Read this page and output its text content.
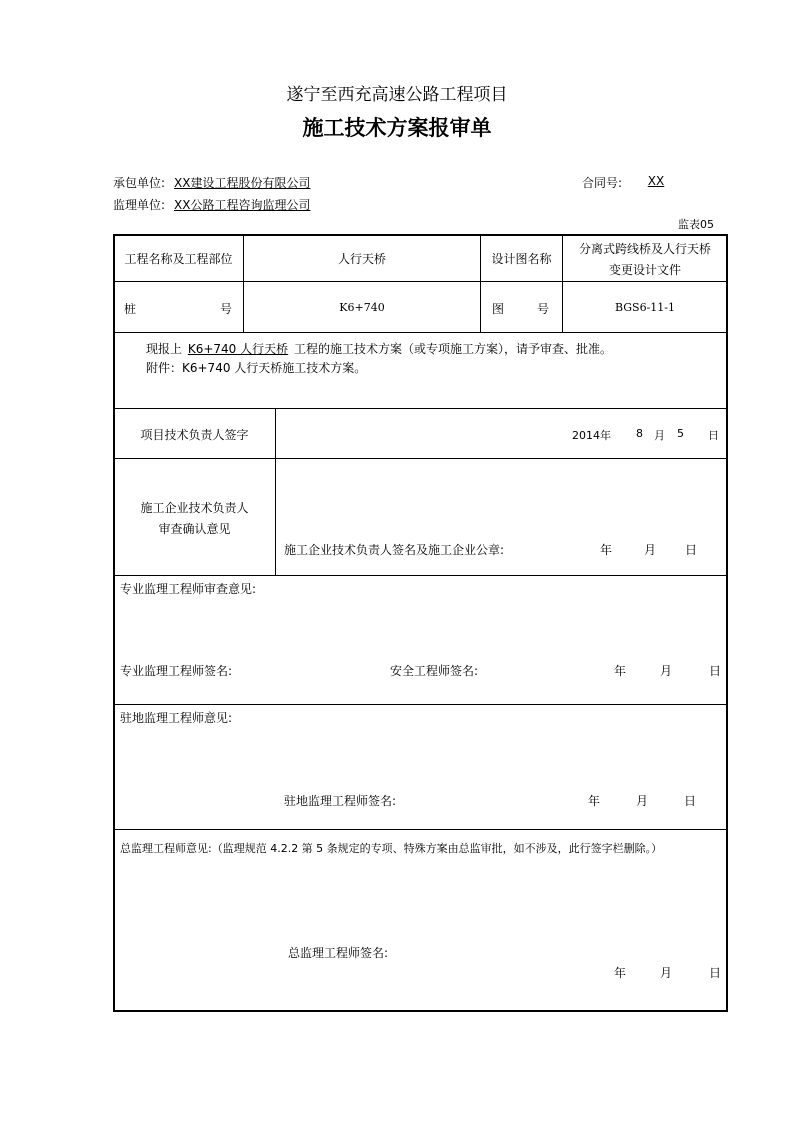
遂宁至西充高速公路工程项目
施工技术方案报审单
承包单位: XX建设工程股份有限公司	合同号:	XX
监理单位: XX公路工程咨询监理公司
监表05
工程名称及工程部位	人行天桥	设计图名称
分离式跨线桥及人行天桥
变更设计文件
桩	号	K6+740	图	号	BGS6-11-1
现报上 K6+740 人行天桥 工程的施工技术方案（或专项施工方案），请予审查、批准。
附件：K6+740 人行天桥施工技术方案。
项目技术负责人签字	2014年 8 月 5 日
施工企业技术负责人
审查确认意见
施工企业技术负责人签名及施工企业公章:	年	月 日
专业监理工程师审查意见:
专业监理工程师签名:	安全工程师签名:	年	月	日
驻地监理工程师意见:
驻地监理工程师签名:	年	月	日
总监理工程师意见:（监理规范 4.2.2 第 5 条规定的专项、特殊方案由总监审批，如不涉及，此行签字栏删除。）
总监理工程师签名:
年	月	日
